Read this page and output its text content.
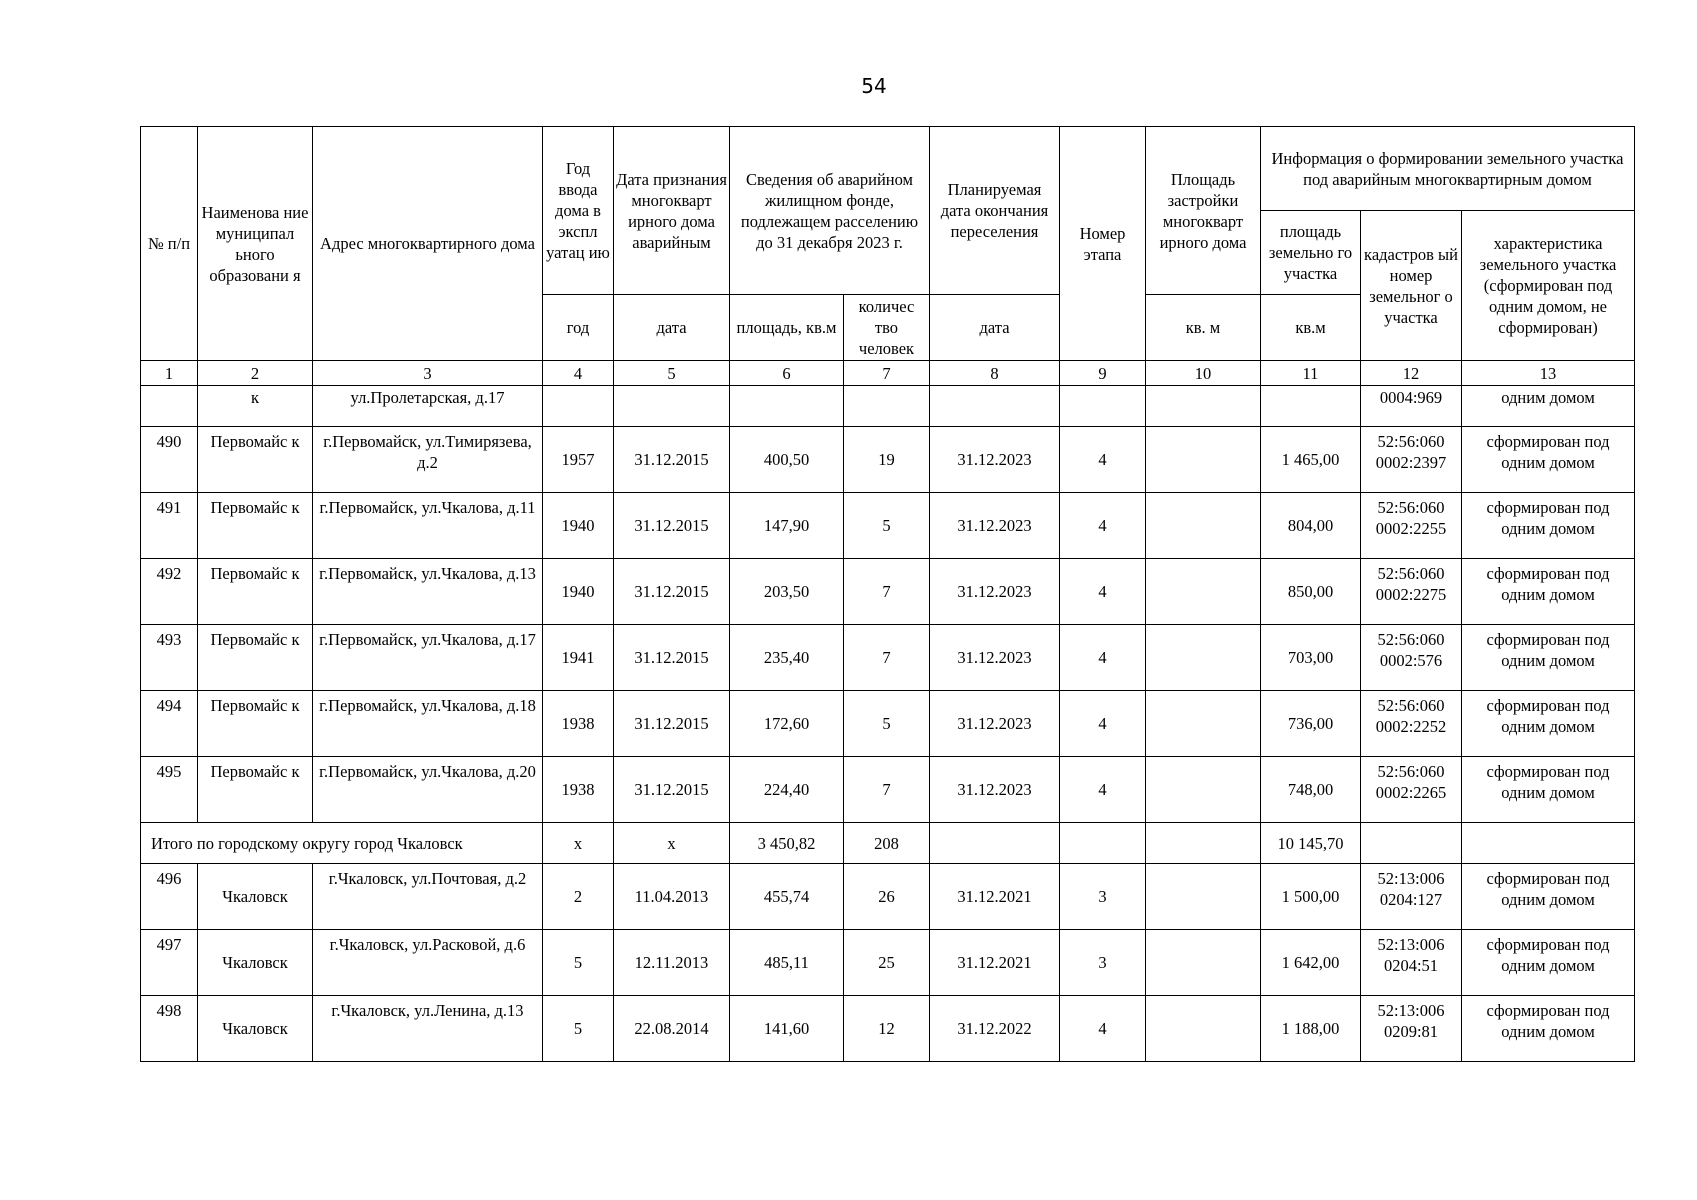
54
№ п/п	Наименова ние муниципал ьного образовани я	Адрес многоквартирного дома	Год ввода дома в экспл уатац ию	Дата признания многокварт ирного дома аварийным	Сведения об аварийном жилищном фонде, подлежащем расселению до 31 декабря 2023 г.		Планируемая дата окончания переселения	Номер этапа	Площадь застройки многокварт ирного дома	Информация о формировании земельного участка под аварийным многоквартирным домом		
										площадь земельно го участка	кадастров ый номер земельног о участка	характеристика земельного участка (сформирован под одним домом, не сформирован)
			год	дата	площадь, кв.м	количес тво человек	дата		кв. м	кв.м		
1	2	3	4	5	6	7	8	9	10	11	12	13
	к	ул.Пролетарская, д.17									0004:969	одним домом
490	Первомайс к	г.Первомайск, ул.Тимирязева, д.2	1957	31.12.2015	400,50	19	31.12.2023	4		1 465,00	52:56:060 0002:2397	сформирован под одним домом
491	Первомайс к	г.Первомайск, ул.Чкалова, д.11	1940	31.12.2015	147,90	5	31.12.2023	4		804,00	52:56:060 0002:2255	сформирован под одним домом
492	Первомайс к	г.Первомайск, ул.Чкалова, д.13	1940	31.12.2015	203,50	7	31.12.2023	4		850,00	52:56:060 0002:2275	сформирован под одним домом
493	Первомайс к	г.Первомайск, ул.Чкалова, д.17	1941	31.12.2015	235,40	7	31.12.2023	4		703,00	52:56:060 0002:576	сформирован под одним домом
494	Первомайс к	г.Первомайск, ул.Чкалова, д.18	1938	31.12.2015	172,60	5	31.12.2023	4		736,00	52:56:060 0002:2252	сформирован под одним домом
495	Первомайс к	г.Первомайск, ул.Чкалова, д.20	1938	31.12.2015	224,40	7	31.12.2023	4		748,00	52:56:060 0002:2265	сформирован под одним домом
Итого по городскому округу город Чкаловск			х	х	3 450,82	208				10 145,70		
496	Чкаловск	г.Чкаловск, ул.Почтовая, д.2	2	11.04.2013	455,74	26	31.12.2021	3		1 500,00	52:13:006 0204:127	сформирован под одним домом
497	Чкаловск	г.Чкаловск, ул.Расковой, д.6	5	12.11.2013	485,11	25	31.12.2021	3		1 642,00	52:13:006 0204:51	сформирован под одним домом
498	Чкаловск	г.Чкаловск, ул.Ленина, д.13	5	22.08.2014	141,60	12	31.12.2022	4		1 188,00	52:13:006 0209:81	сформирован под одним домом
